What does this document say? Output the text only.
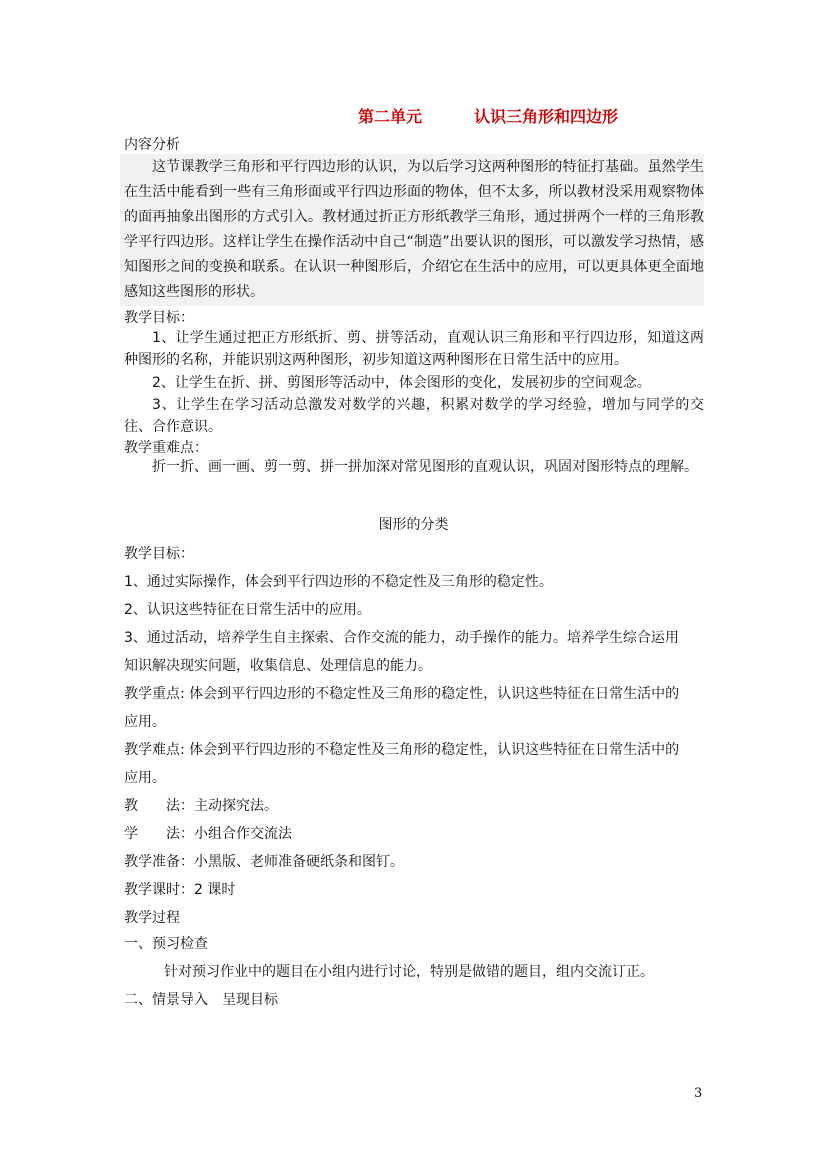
第二单元	认识三角形和四边形
内容分析
这节课教学三角形和平行四边形的认识，为以后学习这两种图形的特征打基础。虽然学生在生活中能看到一些有三角形面或平行四边形面的物体，但不太多，所以教材没采用观察物体的面再抽象出图形的方式引入。教材通过折正方形纸教学三角形，通过拼两个一样的三角形教学平行四边形。这样让学生在操作活动中自己“制造”出要认识的图形，可以激发学习热情，感知图形之间的变换和联系。在认识一种图形后，介绍它在生活中的应用，可以更具体更全面地感知这些图形的形状。
教学目标：
1、让学生通过把正方形纸折、剪、拼等活动，直观认识三角形和平行四边形，知道这两种图形的名称，并能识别这两种图形，初步知道这两种图形在日常生活中的应用。
2、让学生在折、拼、剪图形等活动中，体会图形的变化，发展初步的空间观念。
3、让学生在学习活动总激发对数学的兴趣，积累对数学的学习经验，增加与同学的交往、合作意识。
教学重难点：
折一折、画一画、剪一剪、拼一拼加深对常见图形的直观认识，巩固对图形特点的理解。
图形的分类
教学目标：
1、通过实际操作，体会到平行四边形的不稳定性及三角形的稳定性。
2、认识这些特征在日常生活中的应用。
3、通过活动，培养学生自主探索、合作交流的能力，动手操作的能力。培养学生综合运用
知识解决现实问题，收集信息、处理信息的能力。
教学重点: 体会到平行四边形的不稳定性及三角形的稳定性，认识这些特征在日常生活中的
应用。
教学难点: 体会到平行四边形的不稳定性及三角形的稳定性，认识这些特征在日常生活中的
应用。
教　　法：主动探究法。
学　　法：小组合作交流法
教学准备：小黑版、老师准备硬纸条和图钉。
教学课时：2 课时
教学过程
一、预习检查
针对预习作业中的题目在小组内进行讨论，特别是做错的题目，组内交流订正。
二、情景导入　呈现目标
3
